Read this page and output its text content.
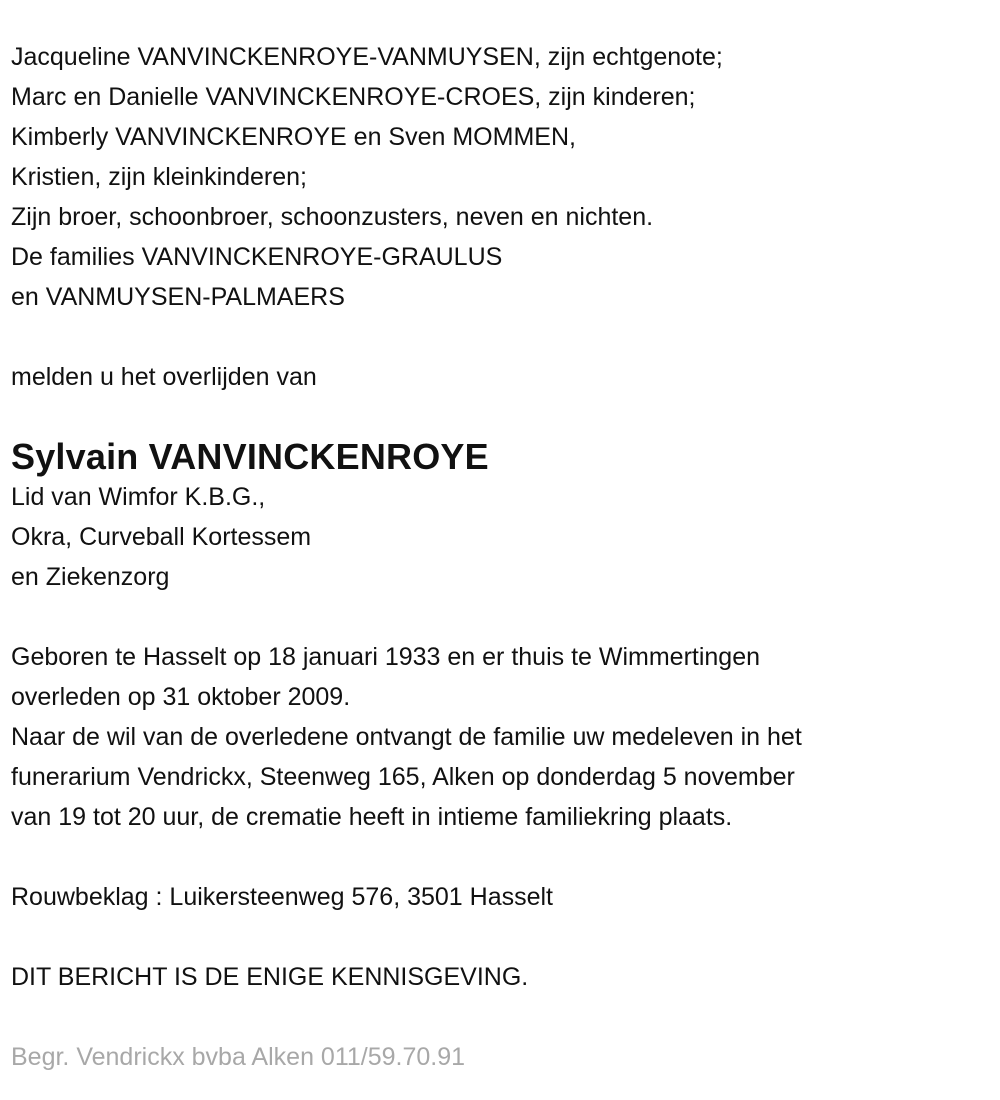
Jacqueline VANVINCKENROYE-VANMUYSEN, zijn echtgenote;
Marc en Danielle VANVINCKENROYE-CROES, zijn kinderen;
Kimberly VANVINCKENROYE en Sven MOMMEN,
Kristien, zijn kleinkinderen;
Zijn broer, schoonbroer, schoonzusters, neven en nichten.
De families VANVINCKENROYE-GRAULUS
en VANMUYSEN-PALMAERS
melden u het overlijden van
Sylvain VANVINCKENROYE
Lid van Wimfor K.B.G.,
Okra, Curveball Kortessem
en Ziekenzorg
Geboren te Hasselt op 18 januari 1933 en er thuis te Wimmertingen
overleden op 31 oktober 2009.
Naar de wil van de overledene ontvangt de familie uw medeleven in het
funerarium Vendrickx, Steenweg 165, Alken op donderdag 5 november
van 19 tot 20 uur, de crematie heeft in intieme familiekring plaats.
Rouwbeklag : Luikersteenweg 576, 3501 Hasselt
DIT BERICHT IS DE ENIGE KENNISGEVING.
Begr. Vendrickx bvba Alken 011/59.70.91
